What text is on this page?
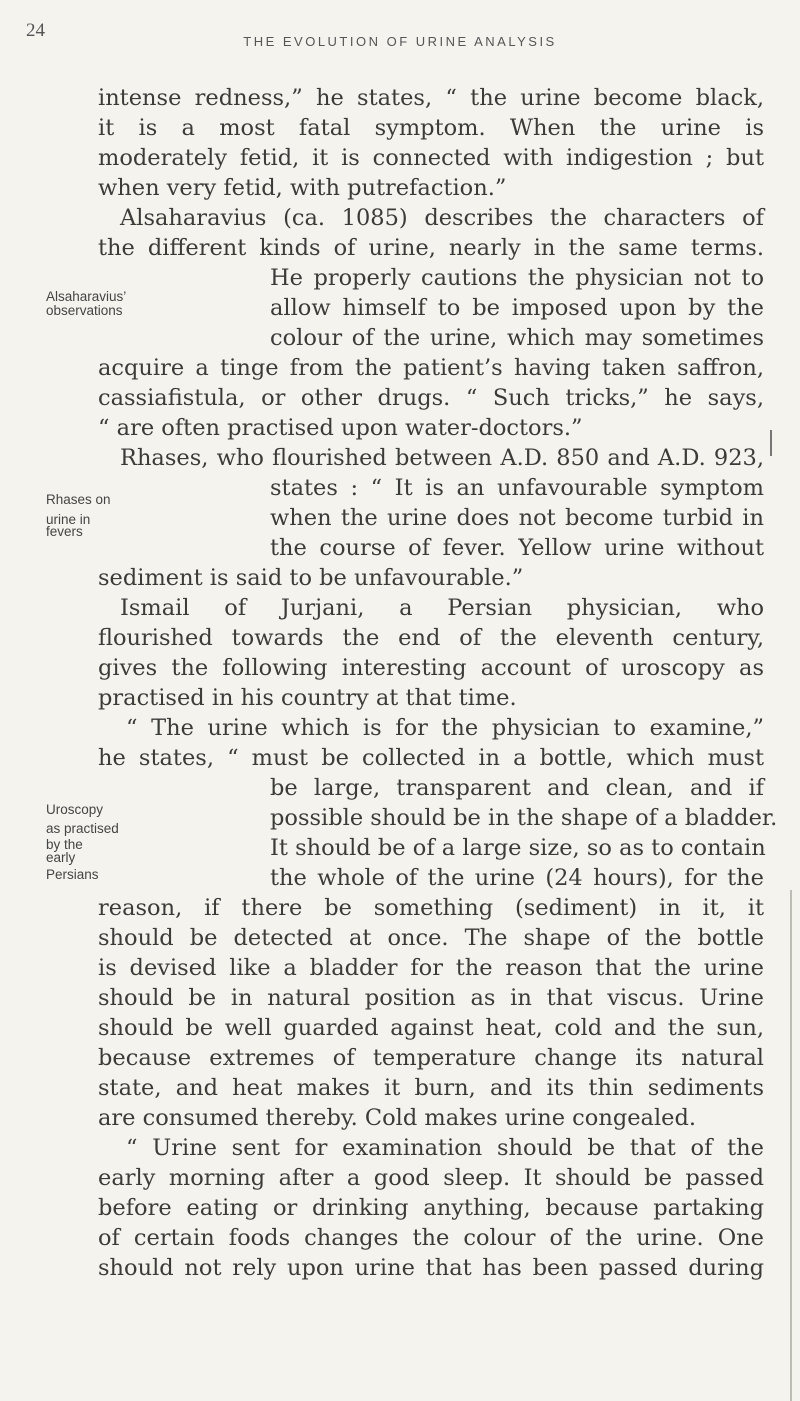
24
THE EVOLUTION OF URINE ANALYSIS
intense redness,” he states, “ the urine become black,
it is a most fatal symptom. When the urine is
moderately fetid, it is connected with indigestion ; but
when very fetid, with putrefaction.”
Alsaharavius (ca. 1085) describes the characters of
the different kinds of urine, nearly in the same terms.
He properly cautions the physician not to
allow himself to be imposed upon by the
colour of the urine, which may sometimes
acquire a tinge from the patient’s having taken saffron,
cassiafistula, or other drugs. “ Such tricks,” he says,
“ are often practised upon water-doctors.”
Rhases, who flourished between A.D. 850 and A.D. 923,
states : “ It is an unfavourable symptom
when the urine does not become turbid in
the course of fever. Yellow urine without
sediment is said to be unfavourable.”
Ismail of Jurjani, a Persian physician, who
flourished towards the end of the eleventh century,
gives the following interesting account of uroscopy as
practised in his country at that time.
“ The urine which is for the physician to examine,”
he states, “ must be collected in a bottle, which must
be large, transparent and clean, and if
possible should be in the shape of a bladder.
It should be of a large size, so as to contain
the whole of the urine (24 hours), for the
reason, if there be something (sediment) in it, it
should be detected at once. The shape of the bottle
is devised like a bladder for the reason that the urine
should be in natural position as in that viscus. Urine
should be well guarded against heat, cold and the sun,
because extremes of temperature change its natural
state, and heat makes it burn, and its thin sediments
are consumed thereby. Cold makes urine congealed.
“ Urine sent for examination should be that of the
early morning after a good sleep. It should be passed
before eating or drinking anything, because partaking
of certain foods changes the colour of the urine. One
should not rely upon urine that has been passed during
Alsaharavius’
observations
Rhases on
urine in
fevers
Uroscopy
as practised
by the
early
Persians
